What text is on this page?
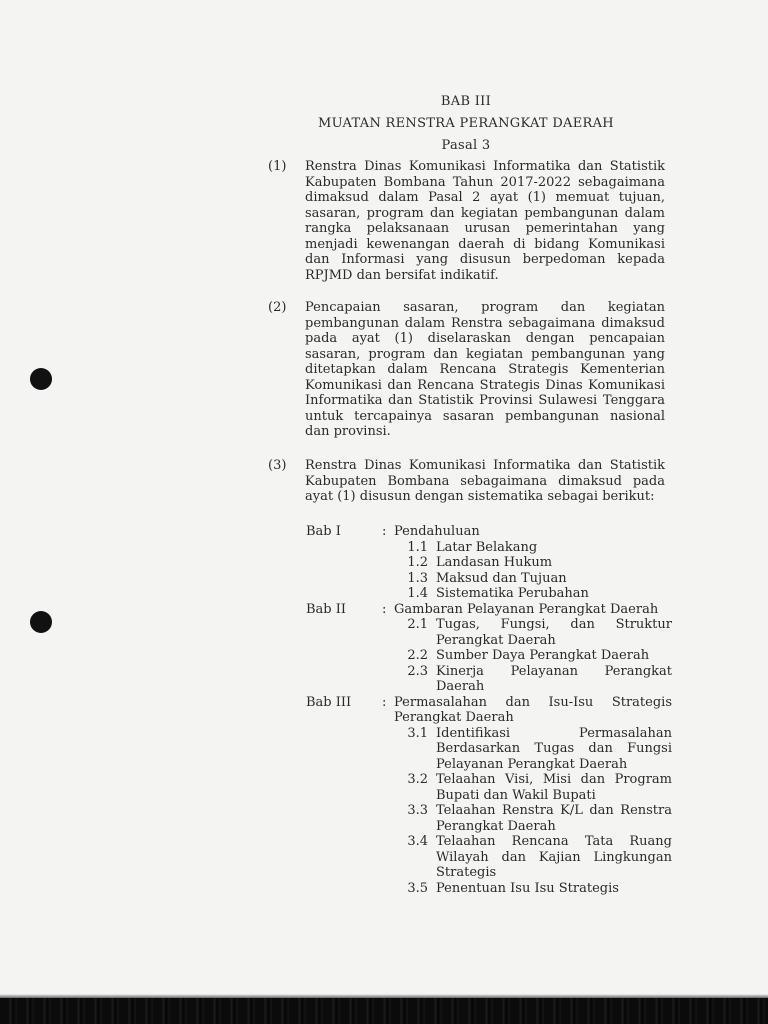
BAB III
MUATAN RENSTRA PERANGKAT DAERAH
Pasal 3
(1) Renstra Dinas Komunikasi Informatika dan Statistik Kabupaten Bombana Tahun 2017-2022 sebagaimana dimaksud dalam Pasal 2 ayat (1) memuat tujuan, sasaran, program dan kegiatan pembangunan dalam rangka pelaksanaan urusan pemerintahan yang menjadi kewenangan daerah di bidang Komunikasi dan Informasi yang disusun berpedoman kepada RPJMD dan bersifat indikatif.
(2) Pencapaian sasaran, program dan kegiatan pembangunan dalam Renstra sebagaimana dimaksud pada ayat (1) diselaraskan dengan pencapaian sasaran, program dan kegiatan pembangunan yang ditetapkan dalam Rencana Strategis Kementerian Komunikasi dan Rencana Strategis Dinas Komunikasi Informatika dan Statistik Provinsi Sulawesi Tenggara untuk tercapainya sasaran pembangunan nasional dan provinsi.
(3) Renstra Dinas Komunikasi Informatika dan Statistik Kabupaten Bombana sebagaimana dimaksud pada ayat (1) disusun dengan sistematika sebagai berikut:
Bab I	: Pendahuluan
1.1 Latar Belakang
1.2 Landasan Hukum
1.3 Maksud dan Tujuan
1.4 Sistematika Perubahan
Bab II	: Gambaran Pelayanan Perangkat Daerah
2.1 Tugas, Fungsi, dan Struktur Perangkat Daerah
2.2 Sumber Daya Perangkat Daerah
2.3 Kinerja Pelayanan Perangkat Daerah
Bab III	: Permasalahan dan Isu-Isu Strategis Perangkat Daerah
3.1 Identifikasi Permasalahan Berdasarkan Tugas dan Fungsi Pelayanan Perangkat Daerah
3.2 Telaahan Visi, Misi dan Program Bupati dan Wakil Bupati
3.3 Telaahan Renstra K/L dan Renstra Perangkat Daerah
3.4 Telaahan Rencana Tata Ruang Wilayah dan Kajian Lingkungan Strategis
3.5 Penentuan Isu Isu Strategis
